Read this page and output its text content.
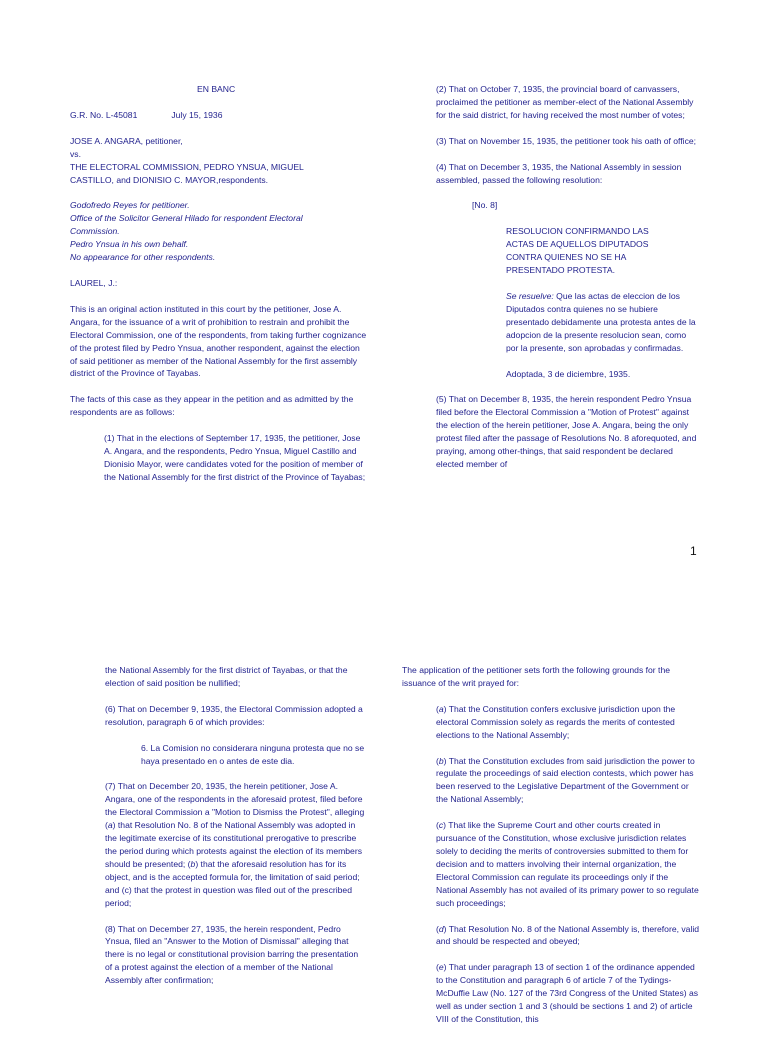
EN BANC

G.R. No. L-45081	July 15, 1936

JOSE A. ANGARA, petitioner,
vs.
THE ELECTORAL COMMISSION, PEDRO YNSUA, MIGUEL
CASTILLO, and DIONISIO C. MAYOR,respondents.
Godofredo Reyes for petitioner.
Office of the Solicitor General Hilado for respondent Electoral
Commission.
Pedro Ynsua in his own behalf.
No appearance for other respondents.

LAUREL, J.:

This is an original action instituted in this court by the petitioner, Jose A. Angara, for the issuance of a writ of prohibition to restrain and prohibit the Electoral Commission, one of the respondents, from taking further cognizance of the protest filed by Pedro Ynsua, another respondent, against the election of said petitioner as member of the National Assembly for the first assembly district of the Province of Tayabas.

The facts of this case as they appear in the petition and as admitted by the respondents are as follows:

(1) That in the elections of September 17, 1935, the petitioner, Jose A. Angara, and the respondents, Pedro Ynsua, Miguel Castillo and Dionisio Mayor, were candidates voted for the position of member of the National Assembly for the first district of the Province of Tayabas;

(2) That on October 7, 1935, the provincial board of canvassers, proclaimed the petitioner as member-elect of the National Assembly for the said district, for having received the most number of votes;

(3) That on November 15, 1935, the petitioner took his oath of office;

(4) That on December 3, 1935, the National Assembly in session assembled, passed the following resolution:

[No. 8]

RESOLUCION CONFIRMANDO LAS ACTAS DE AQUELLOS DIPUTADOS CONTRA QUIENES NO SE HA PRESENTADO PROTESTA.

Se resuelve: Que las actas de eleccion de los Diputados contra quienes no se hubiere presentado debidamente una protesta antes de la adopcion de la presente resolucion sean, como por la presente, son aprobadas y confirmadas.

Adoptada, 3 de diciembre, 1935.

(5) That on December 8, 1935, the herein respondent Pedro Ynsua filed before the Electoral Commission a "Motion of Protest" against the election of the herein petitioner, Jose A. Angara, being the only protest filed after the passage of Resolutions No. 8 aforequoted, and praying, among other-things, that said respondent be declared elected member of

1

the National Assembly for the first district of Tayabas, or that the election of said position be nullified;

(6) That on December 9, 1935, the Electoral Commission adopted a resolution, paragraph 6 of which provides:

6. La Comision no considerara ninguna protesta que no se haya presentado en o antes de este dia.

(7) That on December 20, 1935, the herein petitioner, Jose A. Angara, one of the respondents in the aforesaid protest, filed before the Electoral Commission a "Motion to Dismiss the Protest", alleging (a) that Resolution No. 8 of the National Assembly was adopted in the legitimate exercise of its constitutional prerogative to prescribe the period during which protests against the election of its members should be presented; (b) that the aforesaid resolution has for its object, and is the accepted formula for, the limitation of said period; and (c) that the protest in question was filed out of the prescribed period;

(8) That on December 27, 1935, the herein respondent, Pedro Ynsua, filed an "Answer to the Motion of Dismissal" alleging that there is no legal or constitutional provision barring the presentation of a protest against the election of a member of the National Assembly after confirmation;

The application of the petitioner sets forth the following grounds for the issuance of the writ prayed for:

(a) That the Constitution confers exclusive jurisdiction upon the electoral Commission solely as regards the merits of contested elections to the National Assembly;

(b) That the Constitution excludes from said jurisdiction the power to regulate the proceedings of said election contests, which power has been reserved to the Legislative Department of the Government or the National Assembly;

(c) That like the Supreme Court and other courts created in pursuance of the Constitution, whose exclusive jurisdiction relates solely to deciding the merits of controversies submitted to them for decision and to matters involving their internal organization, the Electoral Commission can regulate its proceedings only if the National Assembly has not availed of its primary power to so regulate such proceedings;

(d) That Resolution No. 8 of the National Assembly is, therefore, valid and should be respected and obeyed;

(e) That under paragraph 13 of section 1 of the ordinance appended to the Constitution and paragraph 6 of article 7 of the Tydings-McDuffie Law (No. 127 of the 73rd Congress of the United States) as well as under section 1 and 3 (should be sections 1 and 2) of article VIII of the Constitution, this
